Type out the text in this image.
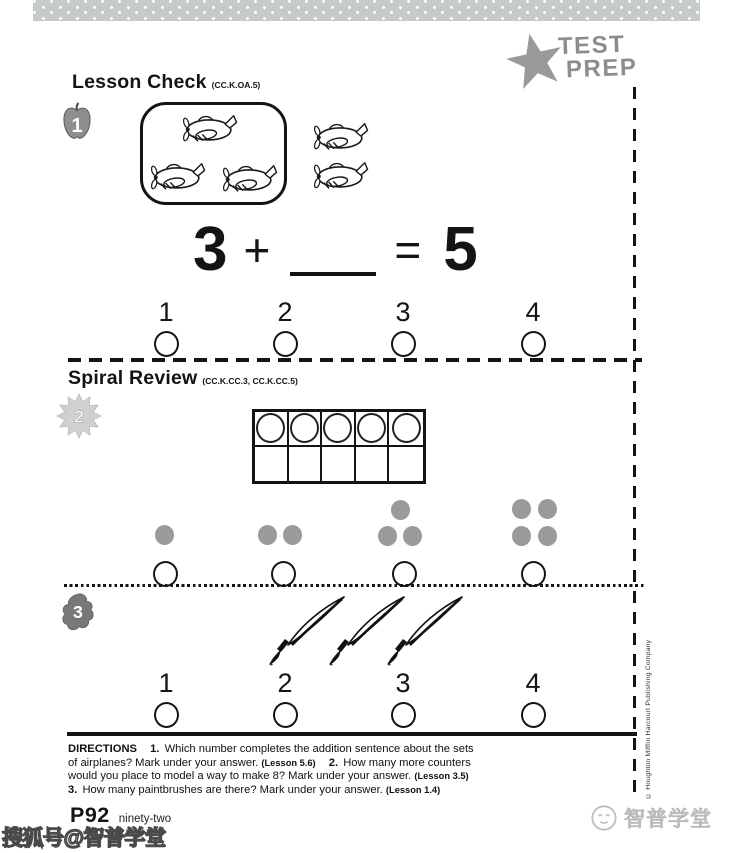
TEST
PREP
Lesson Check (CC.K.OA.5)
1
3 +	= 5
1	2	3	4
Spiral Review (CC.K.CC.3, CC.K.CC.5)
2
3
1	2	3	4
DIRECTIONS 1. Which number completes the addition sentence about the sets
of airplanes? Mark under your answer. (Lesson 5.6) 2. How many more counters
would you place to model a way to make 8? Mark under your answer. (Lesson 3.5)
3. How many paintbrushes are there? Mark under your answer. (Lesson 1.4)
P92 ninety-two
© Houghton Mifflin Harcourt Publishing Company
搜狐号@智普学堂
智普学堂
